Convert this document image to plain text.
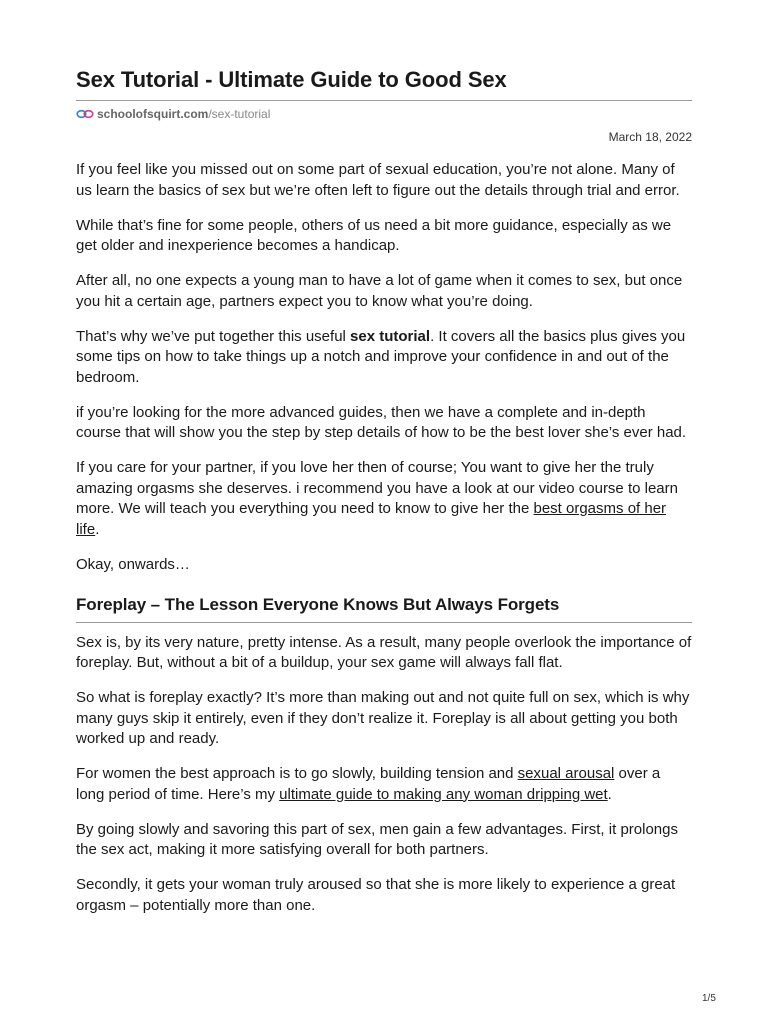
Sex Tutorial - Ultimate Guide to Good Sex
schoolofsquirt.com /sex-tutorial
March 18, 2022

If you feel like you missed out on some part of sexual education, you’re not alone. Many of us learn the basics of sex but we’re often left to figure out the details through trial and error.

While that’s fine for some people, others of us need a bit more guidance, especially as we get older and inexperience becomes a handicap.

After all, no one expects a young man to have a lot of game when it comes to sex, but once you hit a certain age, partners expect you to know what you’re doing.

That’s why we’ve put together this useful sex tutorial. It covers all the basics plus gives you some tips on how to take things up a notch and improve your confidence in and out of the bedroom.

if you’re looking for the more advanced guides, then we have a complete and in-depth course that will show you the step by step details of how to be the best lover she’s ever had.

If you care for your partner, if you love her then of course; You want to give her the truly amazing orgasms she deserves. i recommend you have a look at our video course to learn more. We will teach you everything you need to know to give her the best orgasms of her life.

Okay, onwards…

Foreplay – The Lesson Everyone Knows But Always Forgets

Sex is, by its very nature, pretty intense. As a result, many people overlook the importance of foreplay. But, without a bit of a buildup, your sex game will always fall flat.

So what is foreplay exactly? It’s more than making out and not quite full on sex, which is why many guys skip it entirely, even if they don’t realize it. Foreplay is all about getting you both worked up and ready.

For women the best approach is to go slowly, building tension and sexual arousal over a long period of time. Here’s my ultimate guide to making any woman dripping wet.

By going slowly and savoring this part of sex, men gain a few advantages. First, it prolongs the sex act, making it more satisfying overall for both partners.

Secondly, it gets your woman truly aroused so that she is more likely to experience a great orgasm – potentially more than one.

1/5
